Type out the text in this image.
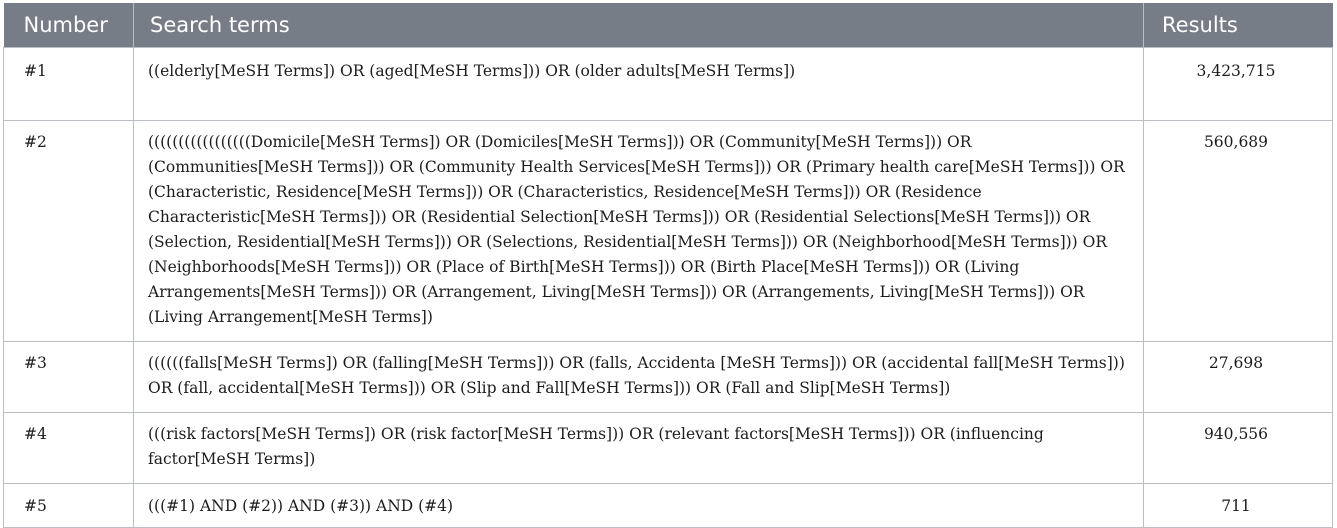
Number	Search terms	Results
#1	((elderly[MeSH Terms]) OR (aged[MeSH Terms])) OR (older adults[MeSH Terms])	3,423,715
#2	(((((((((((((((((Domicile[MeSH Terms]) OR (Domiciles[MeSH Terms])) OR (Community[MeSH Terms])) OR (Communities[MeSH Terms])) OR (Community Health Services[MeSH Terms])) OR (Primary health care[MeSH Terms])) OR (Characteristic, Residence[MeSH Terms])) OR (Characteristics, Residence[MeSH Terms])) OR (Residence Characteristic[MeSH Terms])) OR (Residential Selection[MeSH Terms])) OR (Residential Selections[MeSH Terms])) OR (Selection, Residential[MeSH Terms])) OR (Selections, Residential[MeSH Terms])) OR (Neighborhood[MeSH Terms])) OR (Neighborhoods[MeSH Terms])) OR (Place of Birth[MeSH Terms])) OR (Birth Place[MeSH Terms])) OR (Living Arrangements[MeSH Terms])) OR (Arrangement, Living[MeSH Terms])) OR (Arrangements, Living[MeSH Terms])) OR (Living Arrangement[MeSH Terms])	560,689
#3	((((((falls[MeSH Terms]) OR (falling[MeSH Terms])) OR (falls, Accidenta [MeSH Terms])) OR (accidental fall[MeSH Terms])) OR (fall, accidental[MeSH Terms])) OR (Slip and Fall[MeSH Terms])) OR (Fall and Slip[MeSH Terms])	27,698
#4	(((risk factors[MeSH Terms]) OR (risk factor[MeSH Terms])) OR (relevant factors[MeSH Terms])) OR (influencing factor[MeSH Terms])	940,556
#5	(((#1) AND (#2)) AND (#3)) AND (#4)	711
